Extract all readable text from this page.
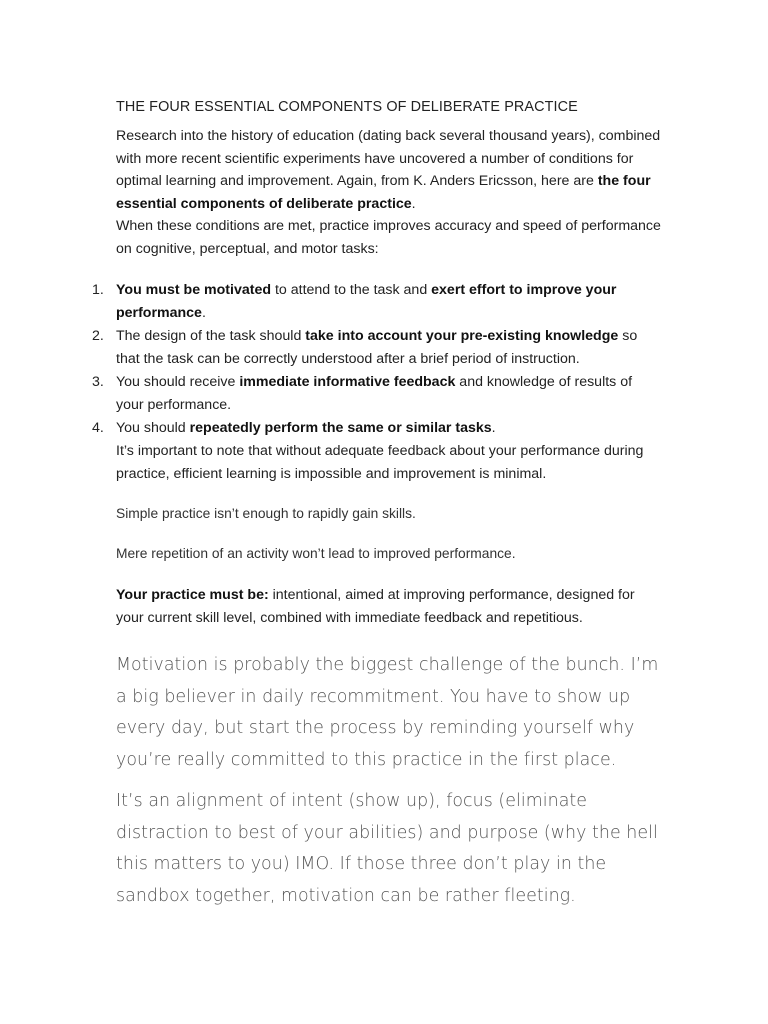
THE FOUR ESSENTIAL COMPONENTS OF DELIBERATE PRACTICE

Research into the history of education (dating back several thousand years), combined with more recent scientific experiments have uncovered a number of conditions for optimal learning and improvement. Again, from K. Anders Ericsson, here are the four essential components of deliberate practice.
When these conditions are met, practice improves accuracy and speed of performance on cognitive, perceptual, and motor tasks:

1. You must be motivated to attend to the task and exert effort to improve your performance.
2. The design of the task should take into account your pre-existing knowledge so that the task can be correctly understood after a brief period of instruction.
3. You should receive immediate informative feedback and knowledge of results of your performance.
4. You should repeatedly perform the same or similar tasks.

It’s important to note that without adequate feedback about your performance during practice, efficient learning is impossible and improvement is minimal.

Simple practice isn’t enough to rapidly gain skills.

Mere repetition of an activity won’t lead to improved performance.

Your practice must be: intentional, aimed at improving performance, designed for your current skill level, combined with immediate feedback and repetitious.

Motivation is probably the biggest challenge of the bunch. I’m a big believer in daily recommitment. You have to show up every day, but start the process by reminding yourself why you’re really committed to this practice in the first place.

It’s an alignment of intent (show up), focus (eliminate distraction to best of your abilities) and purpose (why the hell this matters to you) IMO. If those three don’t play in the sandbox together, motivation can be rather fleeting.
